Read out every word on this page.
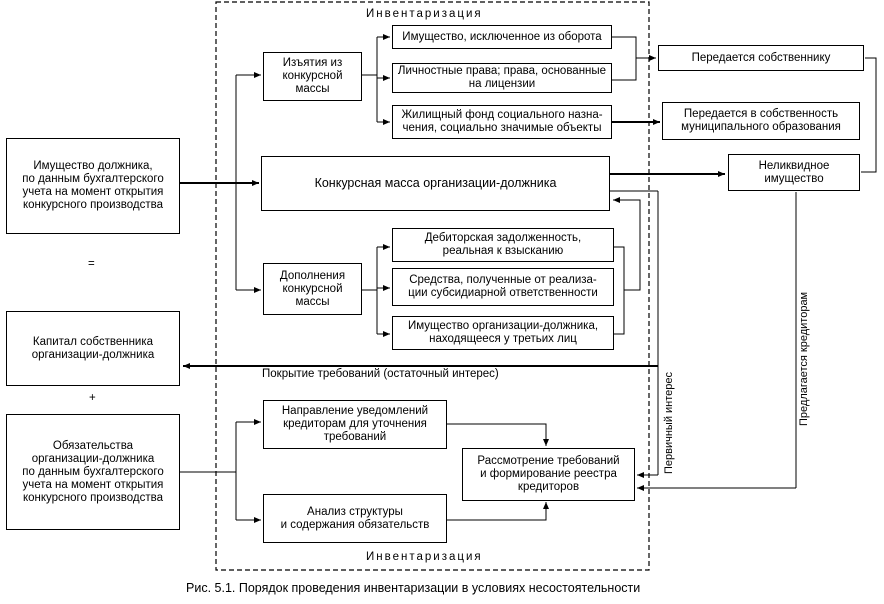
Инвентаризация
Инвентаризация
Имущество должника,
по данным бухгалтерского
учета на момент открытия
конкурсного производства
=
Капитал собственника
организации-должника
+
Обязательства
организации-должника
по данным бухгалтерского
учета на момент открытия
конкурсного производства
Изъятия из
конкурсной
массы
Имущество, исключенное из оборота
Личностные права; права, основанные
на лицензии
Жилищный фонд социального назна-
чения, социально значимые объекты
Передается собственнику
Передается в собственность
муниципального образования
Конкурсная масса организации-должника
Неликвидное
имущество
Дополнения
конкурсной
массы
Дебиторская задолженность,
реальная к взысканию
Средства, полученные от реализа-
ции субсидиарной ответственности
Имущество организации-должника,
находящееся у третьих лиц
Покрытие требований (остаточный интерес)
Направление уведомлений
кредиторам для уточнения
требований
Анализ структуры
и содержания обязательств
Рассмотрение требований
и формирование реестра
кредиторов
Первичный интерес	Предлагается кредиторам
Рис. 5.1. Порядок проведения инвентаризации в условиях несостоятельности
